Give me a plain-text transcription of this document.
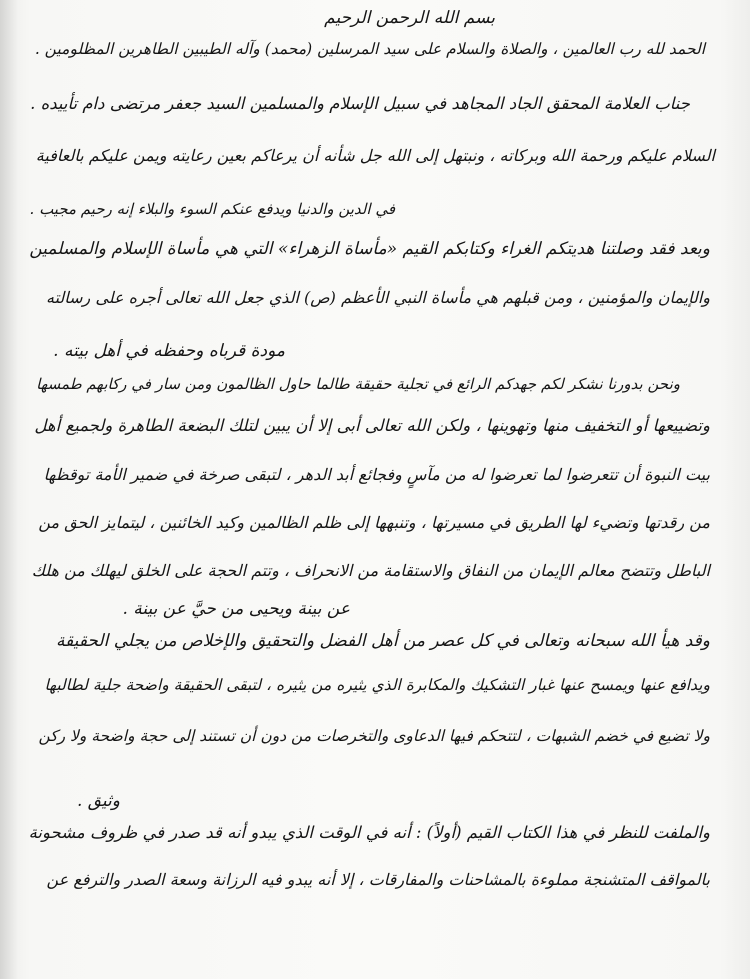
بسم الله الرحمن الرحيم
الحمد لله رب العالمين ، والصلاة والسلام على سيد المرسلين (محمد) وآله الطيبين الطاهرين المظلومين .
جناب العلامة المحقق الجاد المجاهد في سبيل الإسلام والمسلمين السيد جعفر مرتضى دام تأييده .
السلام عليكم ورحمة الله وبركاته ، ونبتهل إلى الله جل شأنه أن يرعاكم بعين رعايته ويمن عليكم بالعافية
في الدين والدنيا ويدفع عنكم السوء والبلاء إنه رحيم مجيب .
وبعد فقد وصلتنا هديتكم الغراء وكتابكم القيم «مأساة الزهراء» التي هي مأساة الإسلام والمسلمين
والإيمان والمؤمنين ، ومن قبلهم هي مأساة النبي الأعظم (ص) الذي جعل الله تعالى أجره على رسالته
مودة قرباه وحفظه في أهل بيته .
ونحن بدورنا نشكر لكم جهدكم الرائع في تجلية حقيقة طالما حاول الظالمون ومن سار في ركابهم طمسها
وتضييعها أو التخفيف منها وتهوينها ، ولكن الله تعالى أبى إلا أن يبين لتلك البضعة الطاهرة ولجميع أهل
بيت النبوة أن تتعرضوا لما تعرضوا له من مآسٍ وفجائع أبد الدهر ، لتبقى صرخة في ضمير الأمة توقظها
من رقدتها وتضيء لها الطريق في مسيرتها ، وتنبهها إلى ظلم الظالمين وكيد الخائنين ، ليتمايز الحق من
الباطل وتتضح معالم الإيمان من النفاق والاستقامة من الانحراف ، وتتم الحجة على الخلق ليهلك من هلك
عن بينة ويحيى من حيَّ عن بينة .
وقد هيأ الله سبحانه وتعالى في كل عصر من أهل الفضل والتحقيق والإخلاص من يجلي الحقيقة
ويدافع عنها ويمسح عنها غبار التشكيك والمكابرة الذي يثيره من يثيره ، لتبقى الحقيقة واضحة جلية لطالبها
ولا تضيع في خضم الشبهات ، لتتحكم فيها الدعاوى والتخرصات من دون أن تستند إلى حجة واضحة ولا ركن
وثيق .
والملفت للنظر في هذا الكتاب القيم (أولاً) : أنه في الوقت الذي يبدو أنه قد صدر في ظروف مشحونة
بالمواقف المتشنجة مملوءة بالمشاحنات والمفارقات ، إلا أنه يبدو فيه الرزانة وسعة الصدر والترفع عن
